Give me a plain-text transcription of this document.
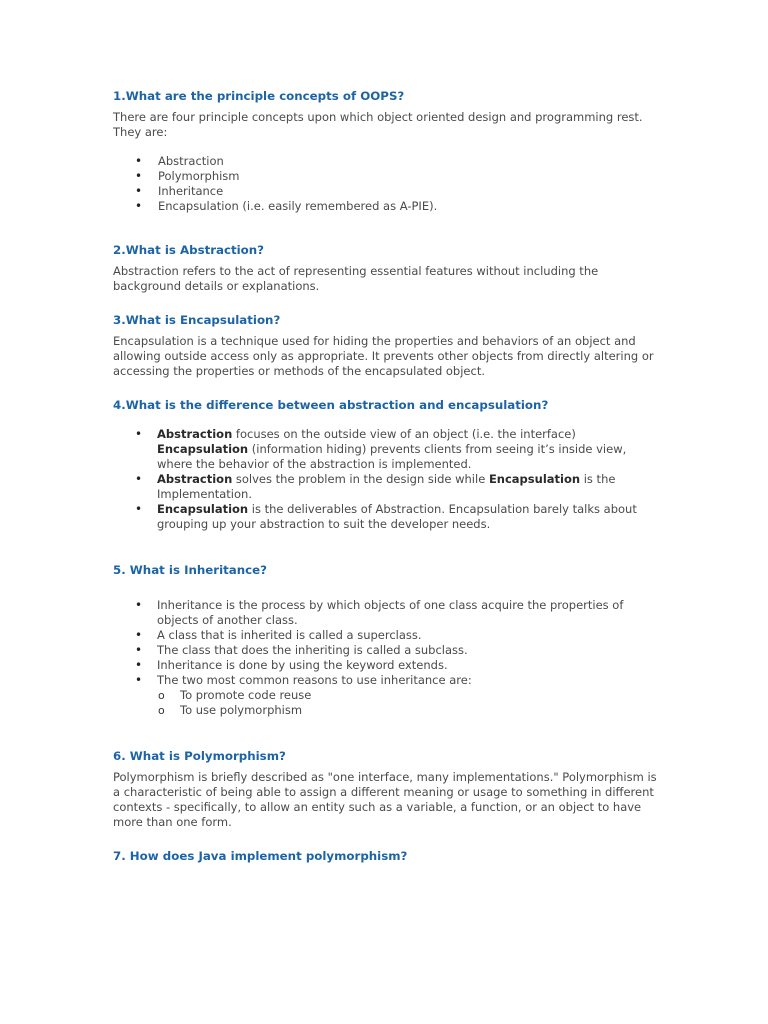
1.What are the principle concepts of OOPS?

There are four principle concepts upon which object oriented design and programming rest. They are:

• Abstraction
• Polymorphism
• Inheritance
• Encapsulation (i.e. easily remembered as A-PIE).
2.What is Abstraction?

Abstraction refers to the act of representing essential features without including the background details or explanations.

3.What is Encapsulation?

Encapsulation is a technique used for hiding the properties and behaviors of an object and allowing outside access only as appropriate. It prevents other objects from directly altering or accessing the properties or methods of the encapsulated object.

4.What is the difference between abstraction and encapsulation?
• Abstraction focuses on the outside view of an object (i.e. the interface) Encapsulation (information hiding) prevents clients from seeing it’s inside view, where the behavior of the abstraction is implemented.
• Abstraction solves the problem in the design side while Encapsulation is the Implementation.
• Encapsulation is the deliverables of Abstraction. Encapsulation barely talks about grouping up your abstraction to suit the developer needs.
5. What is Inheritance?
• Inheritance is the process by which objects of one class acquire the properties of objects of another class.
• A class that is inherited is called a superclass.
• The class that does the inheriting is called a subclass.
• Inheritance is done by using the keyword extends.
• The two most common reasons to use inheritance are:
o To promote code reuse
o To use polymorphism
6. What is Polymorphism?

Polymorphism is briefly described as "one interface, many implementations." Polymorphism is a characteristic of being able to assign a different meaning or usage to something in different contexts - specifically, to allow an entity such as a variable, a function, or an object to have more than one form.

7. How does Java implement polymorphism?
